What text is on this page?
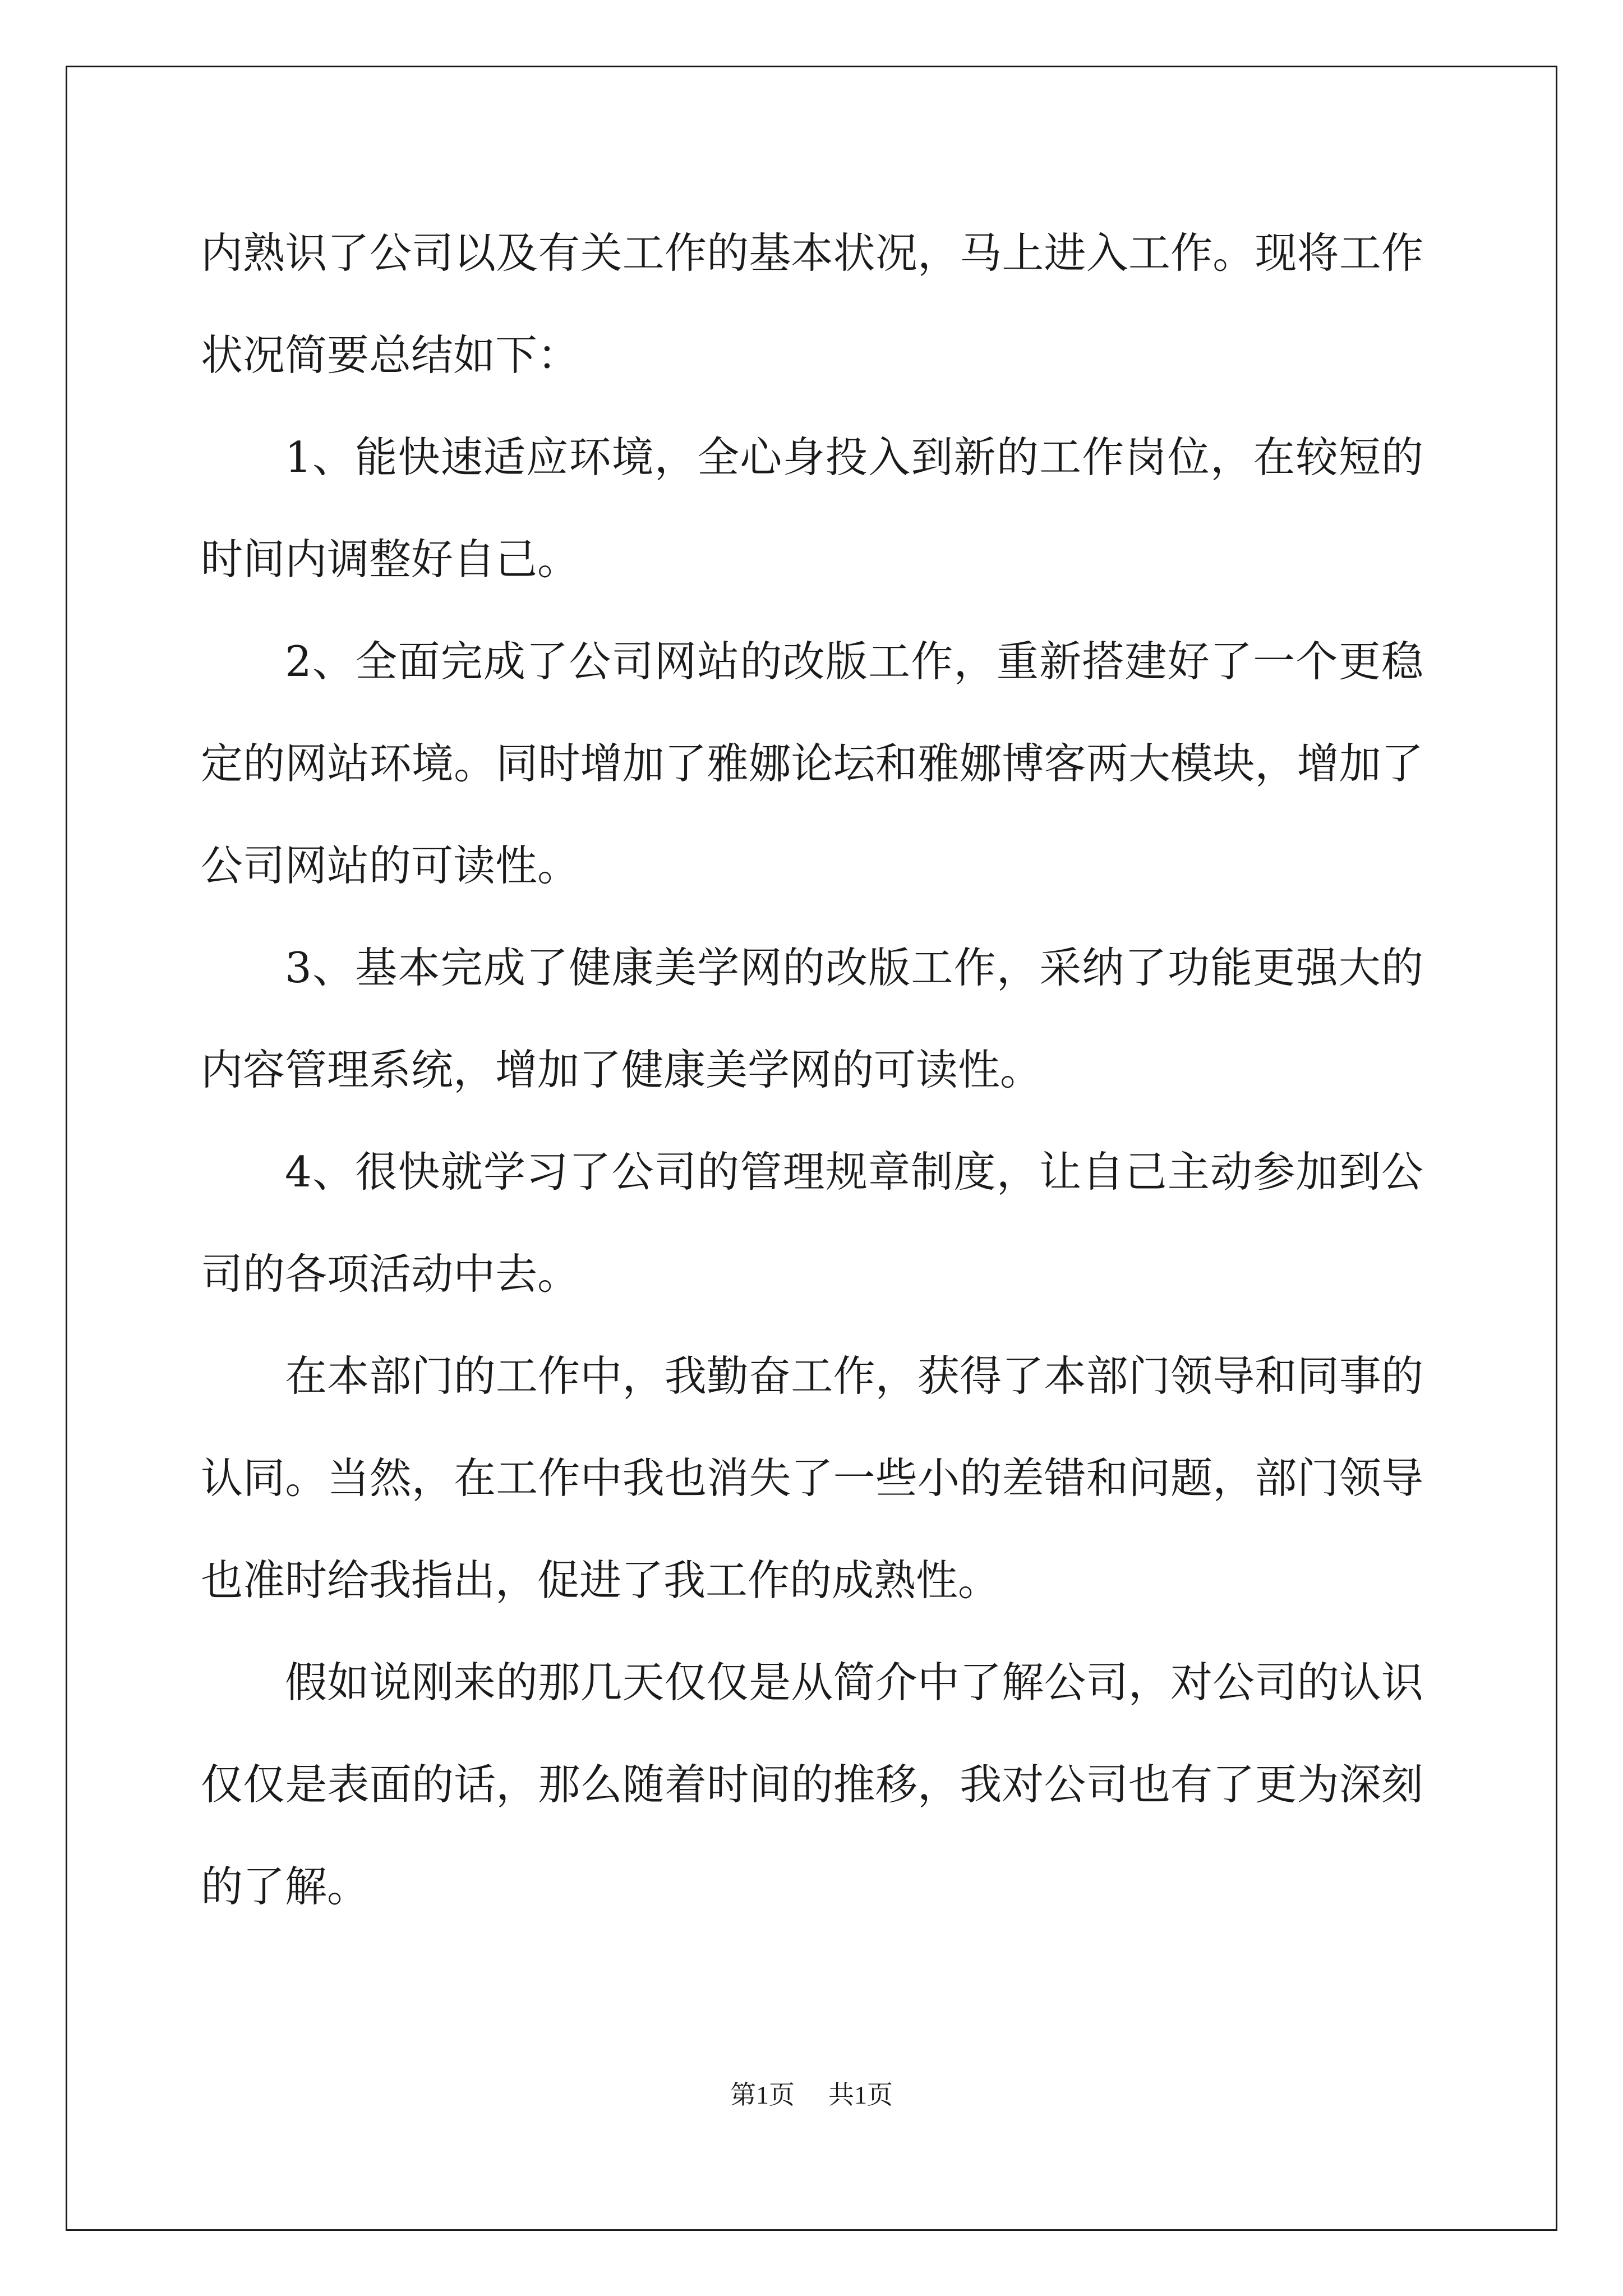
内熟识了公司以及有关工作的基本状况，马上进入工作。现将工作状况简要总结如下：

1、能快速适应环境，全心身投入到新的工作岗位，在较短的时间内调整好自己。

2、全面完成了公司网站的改版工作，重新搭建好了一个更稳定的网站环境。同时增加了雅娜论坛和雅娜博客两大模块，增加了公司网站的可读性。

3、基本完成了健康美学网的改版工作，采纳了功能更强大的内容管理系统，增加了健康美学网的可读性。

4、很快就学习了公司的管理规章制度，让自己主动参加到公司的各项活动中去。

在本部门的工作中，我勤奋工作，获得了本部门领导和同事的认同。当然，在工作中我也消失了一些小的差错和问题，部门领导也准时给我指出，促进了我工作的成熟性。

假如说刚来的那几天仅仅是从简介中了解公司，对公司的认识仅仅是表面的话，那么随着时间的推移，我对公司也有了更为深刻的了解。

第1页 共1页
